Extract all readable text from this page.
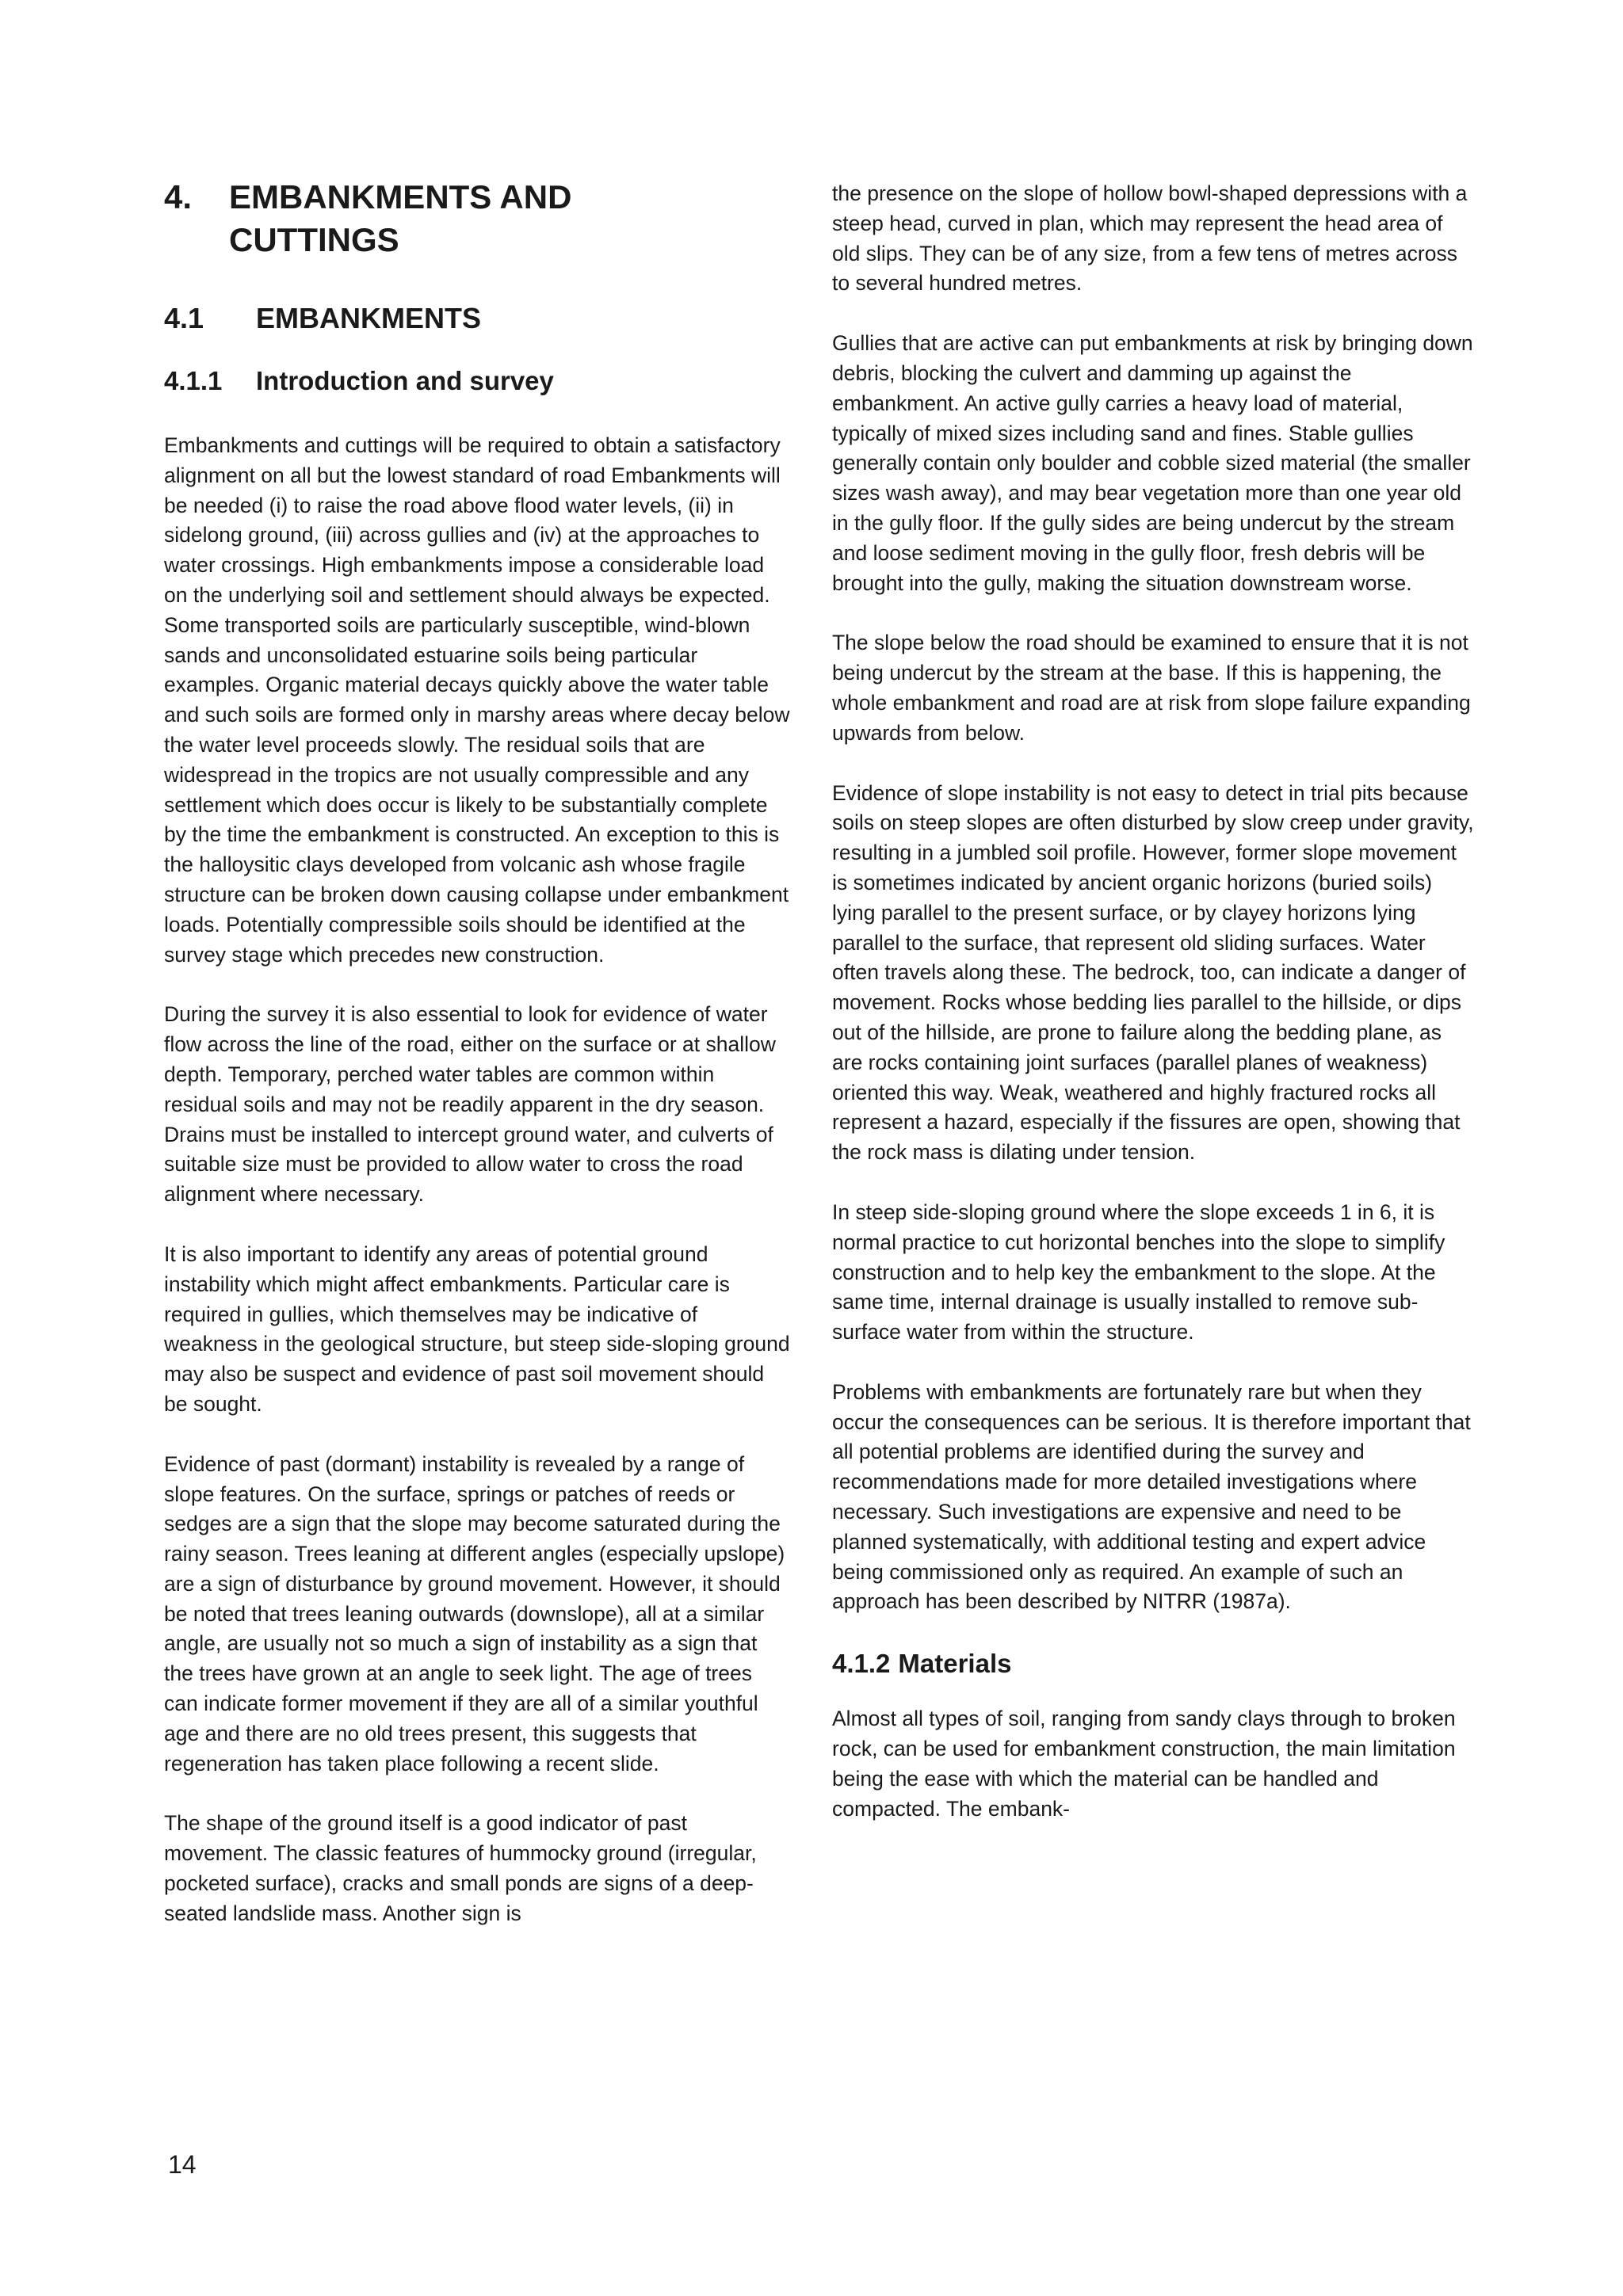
4.	EMBANKMENTS AND CUTTINGS
4.1	EMBANKMENTS
4.1.1	Introduction and survey

Embankments and cuttings will be required to obtain a satisfactory alignment on all but the lowest standard of road Embankments will be needed (i) to raise the road above flood water levels, (ii) in sidelong ground, (iii) across gullies and (iv) at the approaches to water crossings. High embankments impose a considerable load on the underlying soil and settlement should always be expected. Some transported soils are particularly susceptible, wind-blown sands and unconsolidated estuarine soils being particular examples. Organic material decays quickly above the water table and such soils are formed only in marshy areas where decay below the water level proceeds slowly. The residual soils that are widespread in the tropics are not usually compressible and any settlement which does occur is likely to be substantially complete by the time the embankment is constructed. An exception to this is the halloysitic clays developed from volcanic ash whose fragile structure can be broken down causing collapse under embankment loads. Potentially compressible soils should be identified at the survey stage which precedes new construction.

During the survey it is also essential to look for evidence of water flow across the line of the road, either on the surface or at shallow depth. Temporary, perched water tables are common within residual soils and may not be readily apparent in the dry season. Drains must be installed to intercept ground water, and culverts of suitable size must be provided to allow water to cross the road alignment where necessary.

It is also important to identify any areas of potential ground instability which might affect embankments. Particular care is required in gullies, which themselves may be indicative of weakness in the geological structure, but steep side-sloping ground may also be suspect and evidence of past soil movement should be sought.

Evidence of past (dormant) instability is revealed by a range of slope features. On the surface, springs or patches of reeds or sedges are a sign that the slope may become saturated during the rainy season. Trees leaning at different angles (especially upslope) are a sign of disturbance by ground movement. However, it should be noted that trees leaning outwards (downslope), all at a similar angle, are usually not so much a sign of instability as a sign that the trees have grown at an angle to seek light. The age of trees can indicate former movement if they are all of a similar youthful age and there are no old trees present, this suggests that regeneration has taken place following a recent slide.

The shape of the ground itself is a good indicator of past movement. The classic features of hummocky ground (irregular, pocketed surface), cracks and small ponds are signs of a deep-seated landslide mass. Another sign is

the presence on the slope of hollow bowl-shaped depressions with a steep head, curved in plan, which may represent the head area of old slips. They can be of any size, from a few tens of metres across to several hundred metres.

Gullies that are active can put embankments at risk by bringing down debris, blocking the culvert and damming up against the embankment. An active gully carries a heavy load of material, typically of mixed sizes including sand and fines. Stable gullies generally contain only boulder and cobble sized material (the smaller sizes wash away), and may bear vegetation more than one year old in the gully floor. If the gully sides are being undercut by the stream and loose sediment moving in the gully floor, fresh debris will be brought into the gully, making the situation downstream worse.

The slope below the road should be examined to ensure that it is not being undercut by the stream at the base. If this is happening, the whole embankment and road are at risk from slope failure expanding upwards from below.

Evidence of slope instability is not easy to detect in trial pits because soils on steep slopes are often disturbed by slow creep under gravity, resulting in a jumbled soil profile. However, former slope movement is sometimes indicated by ancient organic horizons (buried soils) lying parallel to the present surface, or by clayey horizons lying parallel to the surface, that represent old sliding surfaces. Water often travels along these. The bedrock, too, can indicate a danger of movement. Rocks whose bedding lies parallel to the hillside, or dips out of the hillside, are prone to failure along the bedding plane, as are rocks containing joint surfaces (parallel planes of weakness) oriented this way. Weak, weathered and highly fractured rocks all represent a hazard, especially if the fissures are open, showing that the rock mass is dilating under tension.

In steep side-sloping ground where the slope exceeds 1 in 6, it is normal practice to cut horizontal benches into the slope to simplify construction and to help key the embankment to the slope. At the same time, internal drainage is usually installed to remove sub-surface water from within the structure.

Problems with embankments are fortunately rare but when they occur the consequences can be serious. It is therefore important that all potential problems are identified during the survey and recommendations made for more detailed investigations where necessary. Such investigations are expensive and need to be planned systematically, with additional testing and expert advice being commissioned only as required. An example of such an approach has been described by NITRR (1987a).

4.1.2 Materials

Almost all types of soil, ranging from sandy clays through to broken rock, can be used for embankment construction, the main limitation being the ease with which the material can be handled and compacted. The embank-

14
